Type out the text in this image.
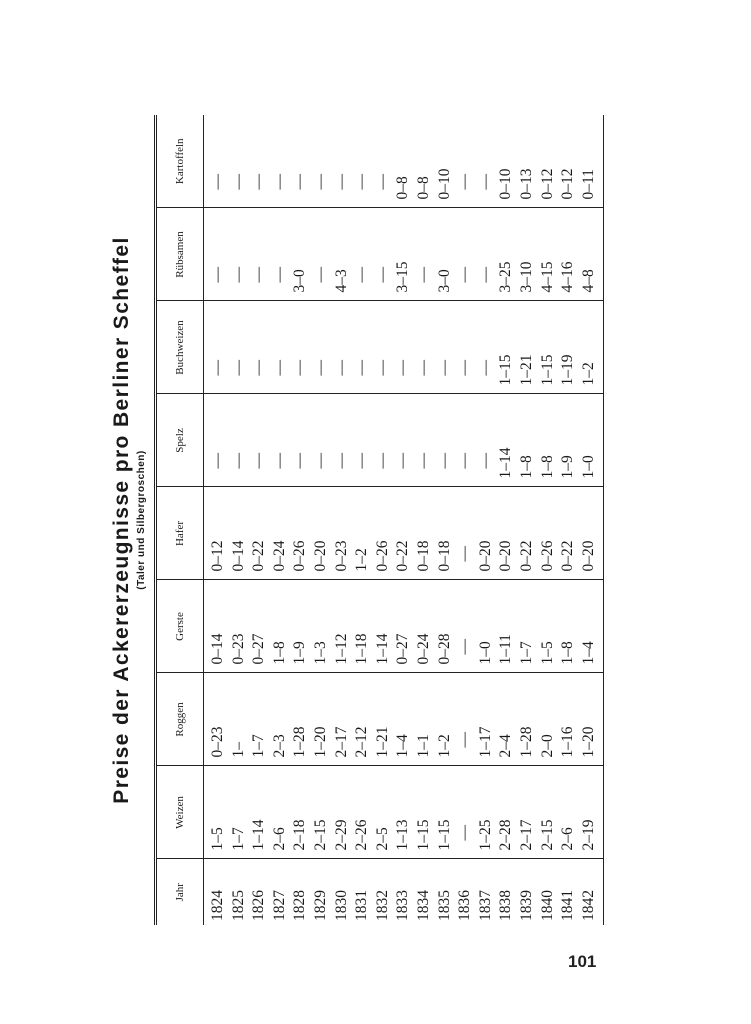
Preise der Ackererzeugnisse pro Berliner Scheffel (Taler und Silbergroschen)
Jahr	Weizen	Roggen	Gerste	Hafer	Spelz	Buchweizen	Rübsamen	Kartoffeln
1824	1–5	0–23	0–14	0–12	—	—	—	—
1825	1–7	1–	0–23	0–14	—	—	—	—
1826	1–14	1–7	0–27	0–22	—	—	—	—
1827	2–6	2–3	1–8	0–24	—	—	—	—
1828	2–18	1–28	1–9	0–26	—	—	3–0	—
1829	2–15	1–20	1–3	0–20	—	—	—	—
1830	2–29	2–17	1–12	0–23	—	—	4–3	—
1831	2–26	2–12	1–18	1–2	—	—	—	—
1832	2–5	1–21	1–14	0–26	—	—	—	—
1833	1–13	1–4	0–27	0–22	—	—	3–15	0–8
1834	1–15	1–1	0–24	0–18	—	—	—	0–8
1835	1–15	1–2	0–28	0–18	—	—	3–0	0–10
1836	—	—	—	—	—	—	—	—
1837	1–25	1–17	1–0	0–20	—	—	—	—
1838	2–28	2–4	1–11	0–20	1–14	1–15	3–25	0–10
1839	2–17	1–28	1–7	0–22	1–8	1–21	3–10	0–13
1840	2–15	2–0	1–5	0–26	1–8	1–15	4–15	0–12
1841	2–6	1–16	1–8	0–22	1–9	1–19	4–16	0–12
1842	2–19	1–20	1–4	0–20	1–0	1–2	4–8	0–11
101
